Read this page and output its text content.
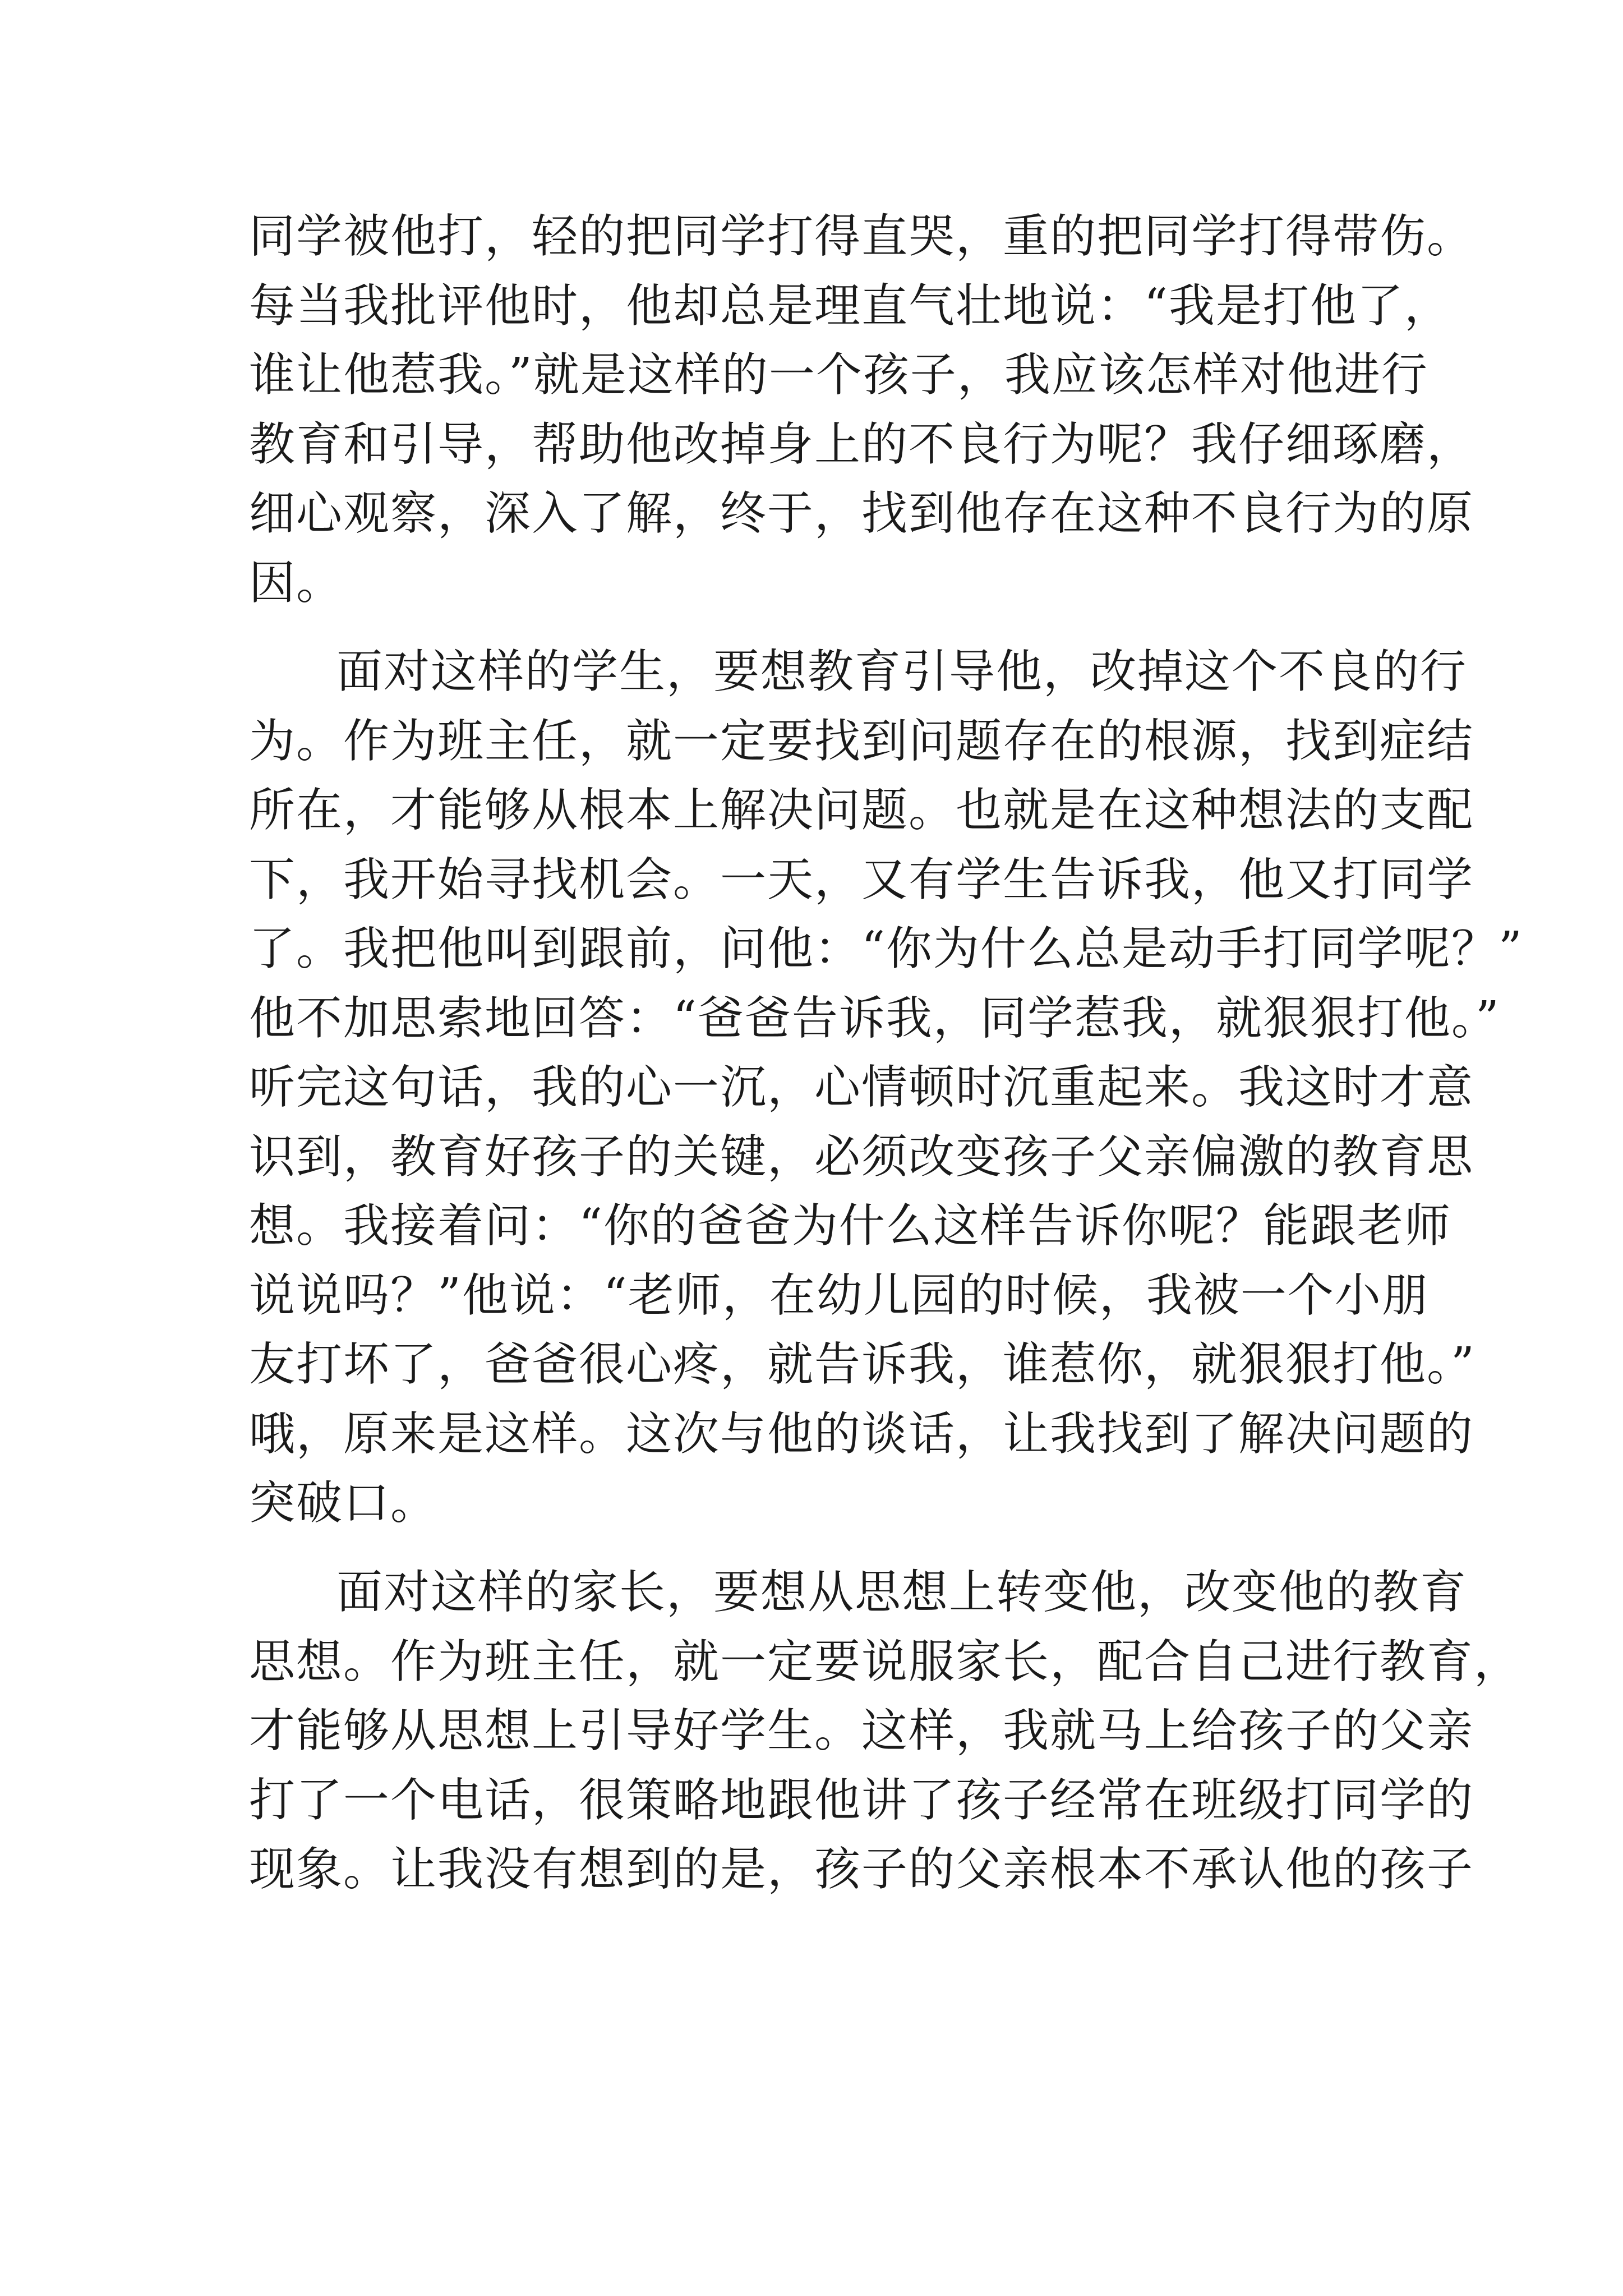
同学被他打，轻的把同学打得直哭，重的把同学打得带伤。
每当我批评他时，他却总是理直气壮地说：“我是打他了，
谁让他惹我。”就是这样的一个孩子，我应该怎样对他进行
教育和引导，帮助他改掉身上的不良行为呢？我仔细琢磨，
细心观察，深入了解，终于，找到他存在这种不良行为的原
因。
面对这样的学生，要想教育引导他，改掉这个不良的行
为。作为班主任，就一定要找到问题存在的根源，找到症结
所在，才能够从根本上解决问题。也就是在这种想法的支配
下，我开始寻找机会。一天，又有学生告诉我，他又打同学
了。我把他叫到跟前，问他：“你为什么总是动手打同学呢？”
他不加思索地回答：“爸爸告诉我，同学惹我，就狠狠打他。”
听完这句话，我的心一沉，心情顿时沉重起来。我这时才意
识到，教育好孩子的关键，必须改变孩子父亲偏激的教育思
想。我接着问：“你的爸爸为什么这样告诉你呢？能跟老师
说说吗？”他说：“老师，在幼儿园的时候，我被一个小朋
友打坏了，爸爸很心疼，就告诉我，谁惹你，就狠狠打他。”
哦，原来是这样。这次与他的谈话，让我找到了解决问题的
突破口。
面对这样的家长，要想从思想上转变他，改变他的教育
思想。作为班主任，就一定要说服家长，配合自己进行教育，
才能够从思想上引导好学生。这样，我就马上给孩子的父亲
打了一个电话，很策略地跟他讲了孩子经常在班级打同学的
现象。让我没有想到的是，孩子的父亲根本不承认他的孩子
